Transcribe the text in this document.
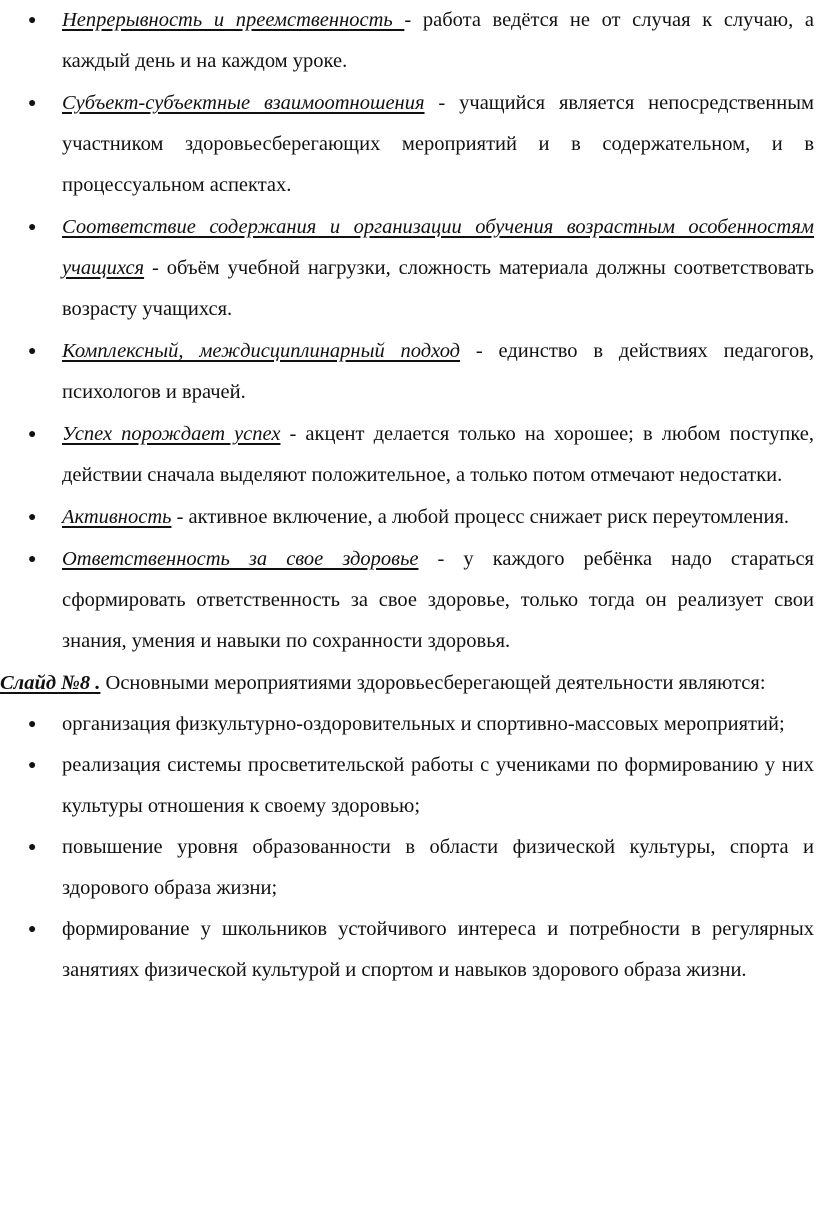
● Непрерывность и преемственность - работа ведётся не от случая к случаю, а каждый день и на каждом уроке.
● Субъект-субъектные взаимоотношения - учащийся является непосредственным участником здоровьесберегающих мероприятий и в содержательном, и в процессуальном аспектах.
● Соответствие содержания и организации обучения возрастным особенностям учащихся - объём учебной нагрузки, сложность материала должны соответствовать возрасту учащихся.
● Комплексный, междисциплинарный подход - единство в действиях педагогов, психологов и врачей.
● Успех порождает успех - акцент делается только на хорошее; в любом поступке, действии сначала выделяют положительное, а только потом отмечают недостатки.
● Активность - активное включение, а любой процесс снижает риск переутомления.
● Ответственность за свое здоровье - у каждого ребёнка надо стараться сформировать ответственность за свое здоровье, только тогда он реализует свои знания, умения и навыки по сохранности здоровья.

Слайд №8 . Основными мероприятиями здоровьесберегающей деятельности являются:

● организация физкультурно-оздоровительных и спортивно-массовых мероприятий;
● реализация системы просветительской работы с учениками по формированию у них культуры отношения к своему здоровью;
● повышение уровня образованности в области физической культуры, спорта и здорового образа жизни;
● формирование у школьников устойчивого интереса и потребности в регулярных занятиях физической культурой и спортом и навыков здорового образа жизни.
